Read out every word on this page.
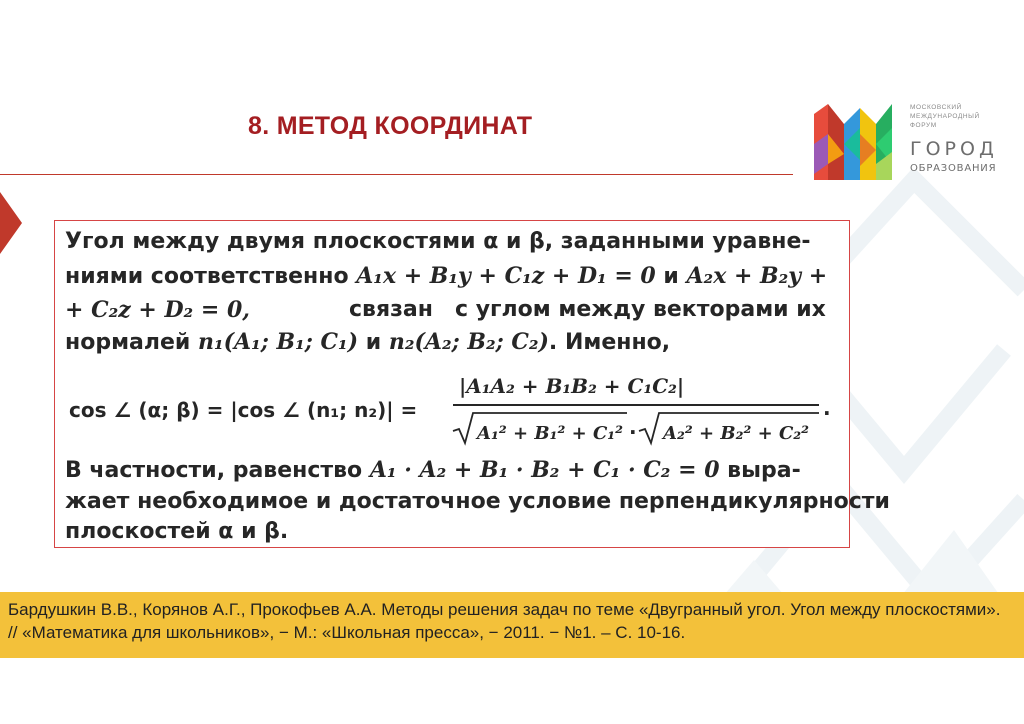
8. МЕТОД КООРДИНАТ
МОСКОВСКИЙ
МЕЖДУНАРОДНЫЙ
ФОРУМ
ГОРОД
ОБРАЗОВАНИЯ
Угол между двумя плоскостями α и β, заданными уравне-
ниями соответственно A₁x + B₁y + C₁z + D₁ = 0 и A₂x + B₂y +
+ C₂z + D₂ = 0,	связан с углом между векторами их
нормалей n₁(A₁; B₁; C₁) и n₂(A₂; B₂; C₂). Именно,
cos ∠ (α; β) = |cos ∠ (n₁; n₂)| =
|A₁A₂ + B₁B₂ + C₁C₂|
A₁² + B₁² + C₁² · A₂² + B₂² + C₂²
.
В частности, равенство A₁ · A₂ + B₁ · B₂ + C₁ · C₂ = 0 выра-
жает необходимое и достаточное условие перпендикулярности
плоскостей α и β.
Бардушкин В.В., Корянов А.Г., Прокофьев А.А. Методы решения задач по теме «Двугранный угол. Угол между плоскостями». // «Математика для школьников», − М.: «Школьная пресса», − 2011. − №1. – С. 10-16.
